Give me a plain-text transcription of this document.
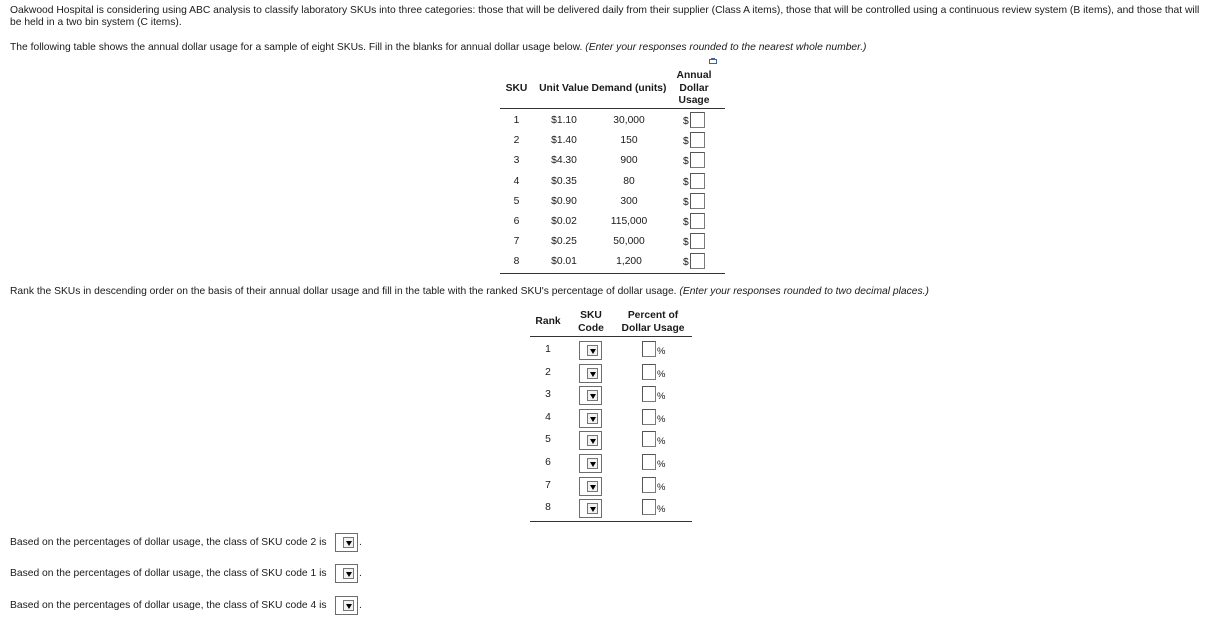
Oakwood Hospital is considering using ABC analysis to classify laboratory SKUs into three categories: those that will be delivered daily from their supplier (Class A items), those that will be controlled using a continuous review system (B items), and those that will be held in a two bin system (C items).
The following table shows the annual dollar usage for a sample of eight SKUs. Fill in the blanks for annual dollar usage below. (Enter your responses rounded to the nearest whole number.)
SKU	Unit Value Demand (units)
Annual
Dollar
Usage
1	$1.10	30,000	$
2	$1.40	150	$
3	$4.30	900	$
4	$0.35	80	$
5	$0.90	300	$
6	$0.02	115,000	$
7	$0.25	50,000	$
8	$0.01	1,200	$
Rank the SKUs in descending order on the basis of their annual dollar usage and fill in the table with the ranked SKU's percentage of dollar usage. (Enter your responses rounded to two decimal places.)
Rank
SKU
Code
Percent of
Dollar Usage
1	%
2	%
3	%
4	%
5	%
6	%
7	%
8	%
Based on the percentages of dollar usage, the class of SKU code 2 is	.
Based on the percentages of dollar usage, the class of SKU code 1 is	.
Based on the percentages of dollar usage, the class of SKU code 4 is	.
